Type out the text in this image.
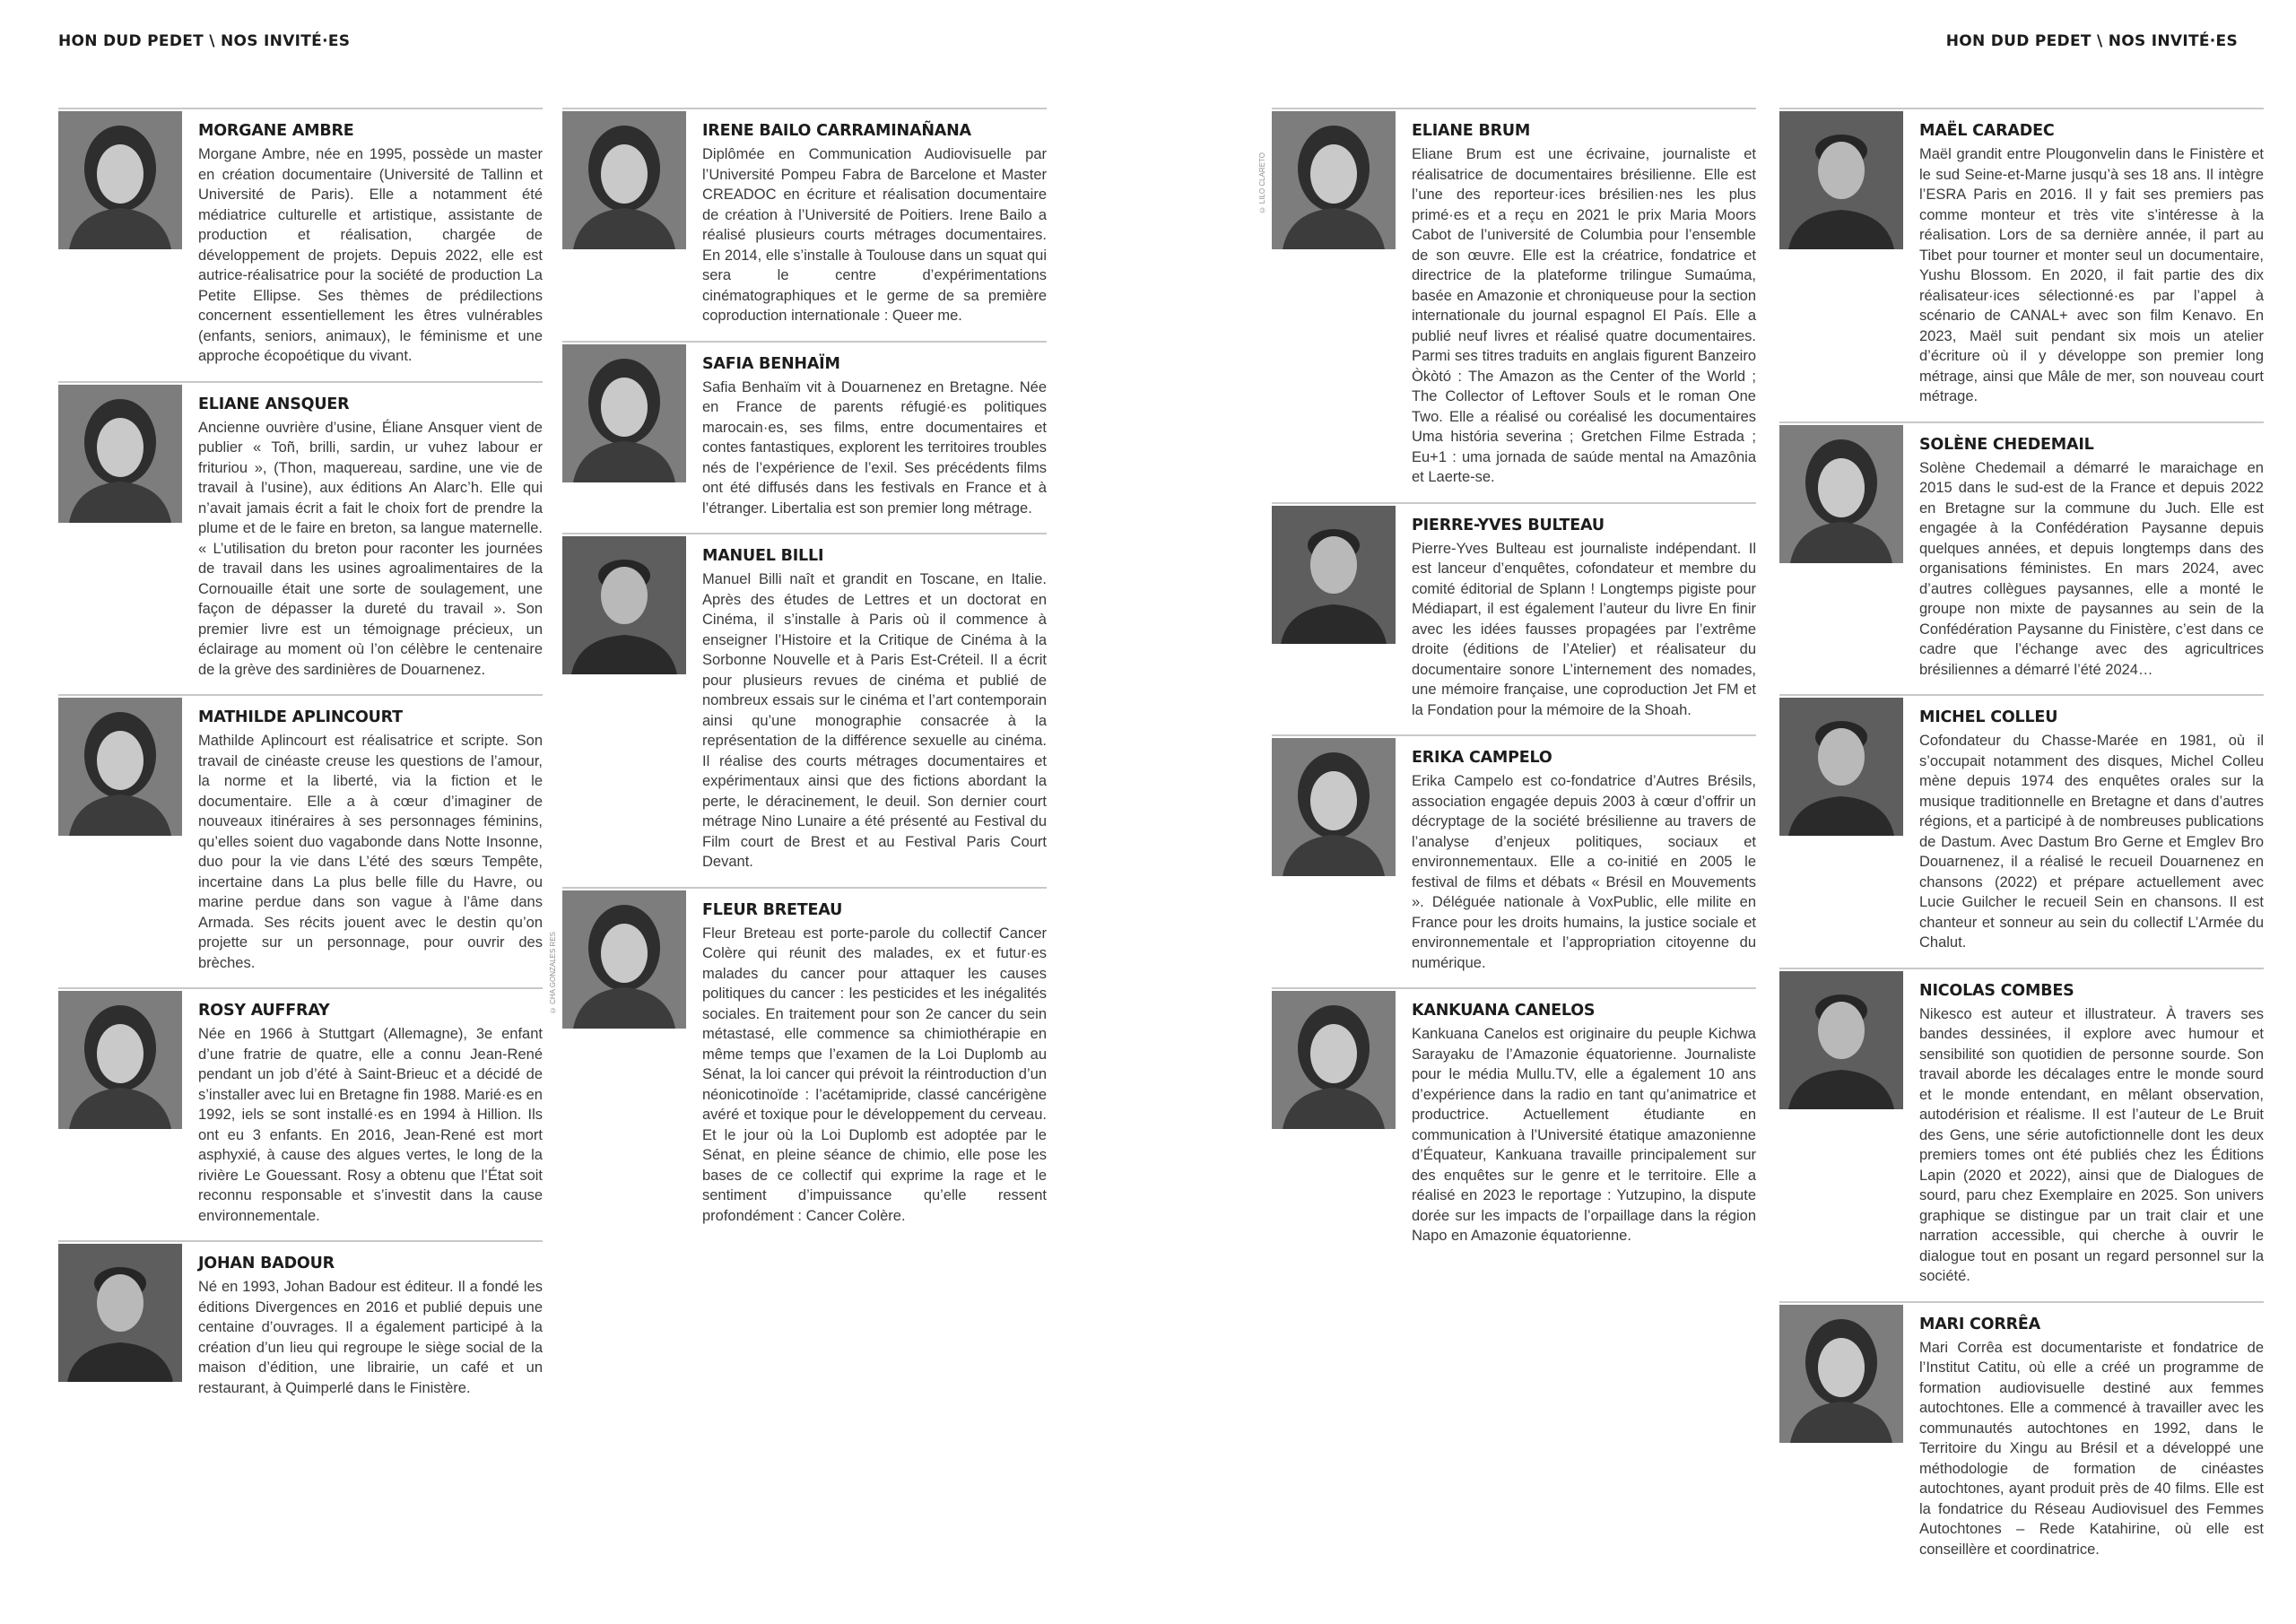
HON DUD PEDET \ NOS INVITÉ·ES	HON DUD PEDET \ NOS INVITÉ·ES
MORGANE AMBRE

Morgane Ambre, née en 1995, possède un master en création documentaire (Université de Tallinn et Université de Paris). Elle a notamment été médiatrice culturelle et artistique, assistante de production et réalisation, chargée de développement de projets. Depuis 2022, elle est autrice-réalisatrice pour la société de production La Petite Ellipse. Ses thèmes de prédilections concernent essentiellement les êtres vulnérables (enfants, seniors, animaux), le féminisme et une approche écopoétique du vivant.

ELIANE ANSQUER

Ancienne ouvrière d’usine, Éliane Ansquer vient de publier « Toñ, brilli, sardin, ur vuhez labour er frituriou », (Thon, maquereau, sardine, une vie de travail à l’usine), aux éditions An Alarc’h. Elle qui n’avait jamais écrit a fait le choix fort de prendre la plume et de le faire en breton, sa langue maternelle. « L’utilisation du breton pour raconter les journées de travail dans les usines agroalimentaires de la Cornouaille était une sorte de soulagement, une façon de dépasser la dureté du travail ». Son premier livre est un témoignage précieux, un éclairage au moment où l’on célèbre le centenaire de la grève des sardinières de Douarnenez.

MATHILDE APLINCOURT

Mathilde Aplincourt est réalisatrice et scripte. Son travail de cinéaste creuse les questions de l’amour, la norme et la liberté, via la fiction et le documentaire. Elle a à cœur d’imaginer de nouveaux itinéraires à ses personnages féminins, qu’elles soient duo vagabonde dans Notte Insonne, duo pour la vie dans L’été des sœurs Tempête, incertaine dans La plus belle fille du Havre, ou marine perdue dans son vague à l’âme dans Armada. Ses récits jouent avec le destin qu’on projette sur un personnage, pour ouvrir des brèches.

ROSY AUFFRAY

Née en 1966 à Stuttgart (Allemagne), 3e enfant d’une fratrie de quatre, elle a connu Jean-René pendant un job d’été à Saint-Brieuc et a décidé de s’installer avec lui en Bretagne fin 1988. Marié·es en 1992, iels se sont installé·es en 1994 à Hillion. Ils ont eu 3 enfants. En 2016, Jean-René est mort asphyxié, à cause des algues vertes, le long de la rivière Le Gouessant. Rosy a obtenu que l’État soit reconnu responsable et s’investit dans la cause environnementale.

JOHAN BADOUR

Né en 1993, Johan Badour est éditeur. Il a fondé les éditions Divergences en 2016 et publié depuis une centaine d’ouvrages. Il a également participé à la création d’un lieu qui regroupe le siège social de la maison d’édition, une librairie, un café et un restaurant, à Quimperlé dans le Finistère.

IRENE BAILO CARRAMINAÑANA

Diplômée en Communication Audiovisuelle par l’Université Pompeu Fabra de Barcelone et Master CREADOC en écriture et réalisation documentaire de création à l’Université de Poitiers. Irene Bailo a réalisé plusieurs courts métrages documentaires. En 2014, elle s’installe à Toulouse dans un squat qui sera le centre d’expérimentations cinématographiques et le germe de sa première coproduction internationale : Queer me.

SAFIA BENHAÏM

Safia Benhaïm vit à Douarnenez en Bretagne. Née en France de parents réfugié·es politiques marocain·es, ses films, entre documentaires et contes fantastiques, explorent les territoires troubles nés de l’expérience de l’exil. Ses précédents films ont été diffusés dans les festivals en France et à l’étranger. Libertalia est son premier long métrage.

MANUEL BILLI

Manuel Billi naît et grandit en Toscane, en Italie. Après des études de Lettres et un doctorat en Cinéma, il s’installe à Paris où il commence à enseigner l’Histoire et la Critique de Cinéma à la Sorbonne Nouvelle et à Paris Est-Créteil. Il a écrit pour plusieurs revues de cinéma et publié de nombreux essais sur le cinéma et l’art contemporain ainsi qu’une monographie consacrée à la représentation de la différence sexuelle au cinéma. Il réalise des courts métrages documentaires et expérimentaux ainsi que des fictions abordant la perte, le déracinement, le deuil. Son dernier court métrage Nino Lunaire a été présenté au Festival du Film court de Brest et au Festival Paris Court Devant.

© CHA GONZALES RES
FLEUR BRETEAU

Fleur Breteau est porte-parole du collectif Cancer Colère qui réunit des malades, ex et futur·es malades du cancer pour attaquer les causes politiques du cancer : les pesticides et les inégalités sociales. En traitement pour son 2e cancer du sein métastasé, elle commence sa chimiothérapie en même temps que l’examen de la Loi Duplomb au Sénat, la loi cancer qui prévoit la réintroduction d’un néonicotinoïde : l’acétamipride, classé cancérigène avéré et toxique pour le développement du cerveau. Et le jour où la Loi Duplomb est adoptée par le Sénat, en pleine séance de chimio, elle pose les bases de ce collectif qui exprime la rage et le sentiment d’impuissance qu’elle ressent profondément : Cancer Colère.

© LILO CLARETO
ELIANE BRUM

Eliane Brum est une écrivaine, journaliste et réalisatrice de documentaires brésilienne. Elle est l’une des reporteur·ices brésilien·nes les plus primé·es et a reçu en 2021 le prix Maria Moors Cabot de l’université de Columbia pour l’ensemble de son œuvre. Elle est la créatrice, fondatrice et directrice de la plateforme trilingue Sumaúma, basée en Amazonie et chroniqueuse pour la section internationale du journal espagnol El País. Elle a publié neuf livres et réalisé quatre documentaires. Parmi ses titres traduits en anglais figurent Banzeiro Òkòtó : The Amazon as the Center of the World ; The Collector of Leftover Souls et le roman One Two. Elle a réalisé ou coréalisé les documentaires Uma história severina ; Gretchen Filme Estrada ; Eu+1 : uma jornada de saúde mental na Amazônia et Laerte-se.

PIERRE-YVES BULTEAU

Pierre-Yves Bulteau est journaliste indépendant. Il est lanceur d’enquêtes, cofondateur et membre du comité éditorial de Splann ! Longtemps pigiste pour Médiapart, il est également l’auteur du livre En finir avec les idées fausses propagées par l’extrême droite (éditions de l’Atelier) et réalisateur du documentaire sonore L’internement des nomades, une mémoire française, une coproduction Jet FM et la Fondation pour la mémoire de la Shoah.

ERIKA CAMPELO

Erika Campelo est co-fondatrice d’Autres Brésils, association engagée depuis 2003 à cœur d’offrir un décryptage de la société brésilienne au travers de l’analyse d’enjeux politiques, sociaux et environnementaux. Elle a co-initié en 2005 le festival de films et débats « Brésil en Mouvements ». Déléguée nationale à VoxPublic, elle milite en France pour les droits humains, la justice sociale et environnementale et l’appropriation citoyenne du numérique.

KANKUANA CANELOS

Kankuana Canelos est originaire du peuple Kichwa Sarayaku de l’Amazonie équatorienne. Journaliste pour le média Mullu.TV, elle a également 10 ans d’expérience dans la radio en tant qu’animatrice et productrice. Actuellement étudiante en communication à l’Université étatique amazonienne d’Équateur, Kankuana travaille principalement sur des enquêtes sur le genre et le territoire. Elle a réalisé en 2023 le reportage : Yutzupino, la dispute dorée sur les impacts de l’orpaillage dans la région Napo en Amazonie équatorienne.

MAËL CARADEC

Maël grandit entre Plougonvelin dans le Finistère et le sud Seine-et-Marne jusqu’à ses 18 ans. Il intègre l’ESRA Paris en 2016. Il y fait ses premiers pas comme monteur et très vite s’intéresse à la réalisation. Lors de sa dernière année, il part au Tibet pour tourner et monter seul un documentaire, Yushu Blossom. En 2020, il fait partie des dix réalisateur·ices sélectionné·es par l’appel à scénario de CANAL+ avec son film Kenavo. En 2023, Maël suit pendant six mois un atelier d’écriture où il y développe son premier long métrage, ainsi que Mâle de mer, son nouveau court métrage.

SOLÈNE CHEDEMAIL

Solène Chedemail a démarré le maraichage en 2015 dans le sud-est de la France et depuis 2022 en Bretagne sur la commune du Juch. Elle est engagée à la Confédération Paysanne depuis quelques années, et depuis longtemps dans des organisations féministes. En mars 2024, avec d’autres collègues paysannes, elle a monté le groupe non mixte de paysannes au sein de la Confédération Paysanne du Finistère, c’est dans ce cadre que l’échange avec des agricultrices brésiliennes a démarré l’été 2024…

MICHEL COLLEU

Cofondateur du Chasse-Marée en 1981, où il s’occupait notamment des disques, Michel Colleu mène depuis 1974 des enquêtes orales sur la musique traditionnelle en Bretagne et dans d’autres régions, et a participé à de nombreuses publications de Dastum. Avec Dastum Bro Gerne et Emglev Bro Douarnenez, il a réalisé le recueil Douarnenez en chansons (2022) et prépare actuellement avec Lucie Guilcher le recueil Sein en chansons. Il est chanteur et sonneur au sein du collectif L’Armée du Chalut.

NICOLAS COMBES

Nikesco est auteur et illustrateur. À travers ses bandes dessinées, il explore avec humour et sensibilité son quotidien de personne sourde. Son travail aborde les décalages entre le monde sourd et le monde entendant, en mêlant observation, autodérision et réalisme. Il est l’auteur de Le Bruit des Gens, une série autofictionnelle dont les deux premiers tomes ont été publiés chez les Éditions Lapin (2020 et 2022), ainsi que de Dialogues de sourd, paru chez Exemplaire en 2025. Son univers graphique se distingue par un trait clair et une narration accessible, qui cherche à ouvrir le dialogue tout en posant un regard personnel sur la société.

MARI CORRÊA

Mari Corrêa est documentariste et fondatrice de l’Institut Catitu, où elle a créé un programme de formation audiovisuelle destiné aux femmes autochtones. Elle a commencé à travailler avec les communautés autochtones en 1992, dans le Territoire du Xingu au Brésil et a développé une méthodologie de formation de cinéastes autochtones, ayant produit près de 40 films. Elle est la fondatrice du Réseau Audiovisuel des Femmes Autochtones – Rede Katahirine, où elle est conseillère et coordinatrice.
